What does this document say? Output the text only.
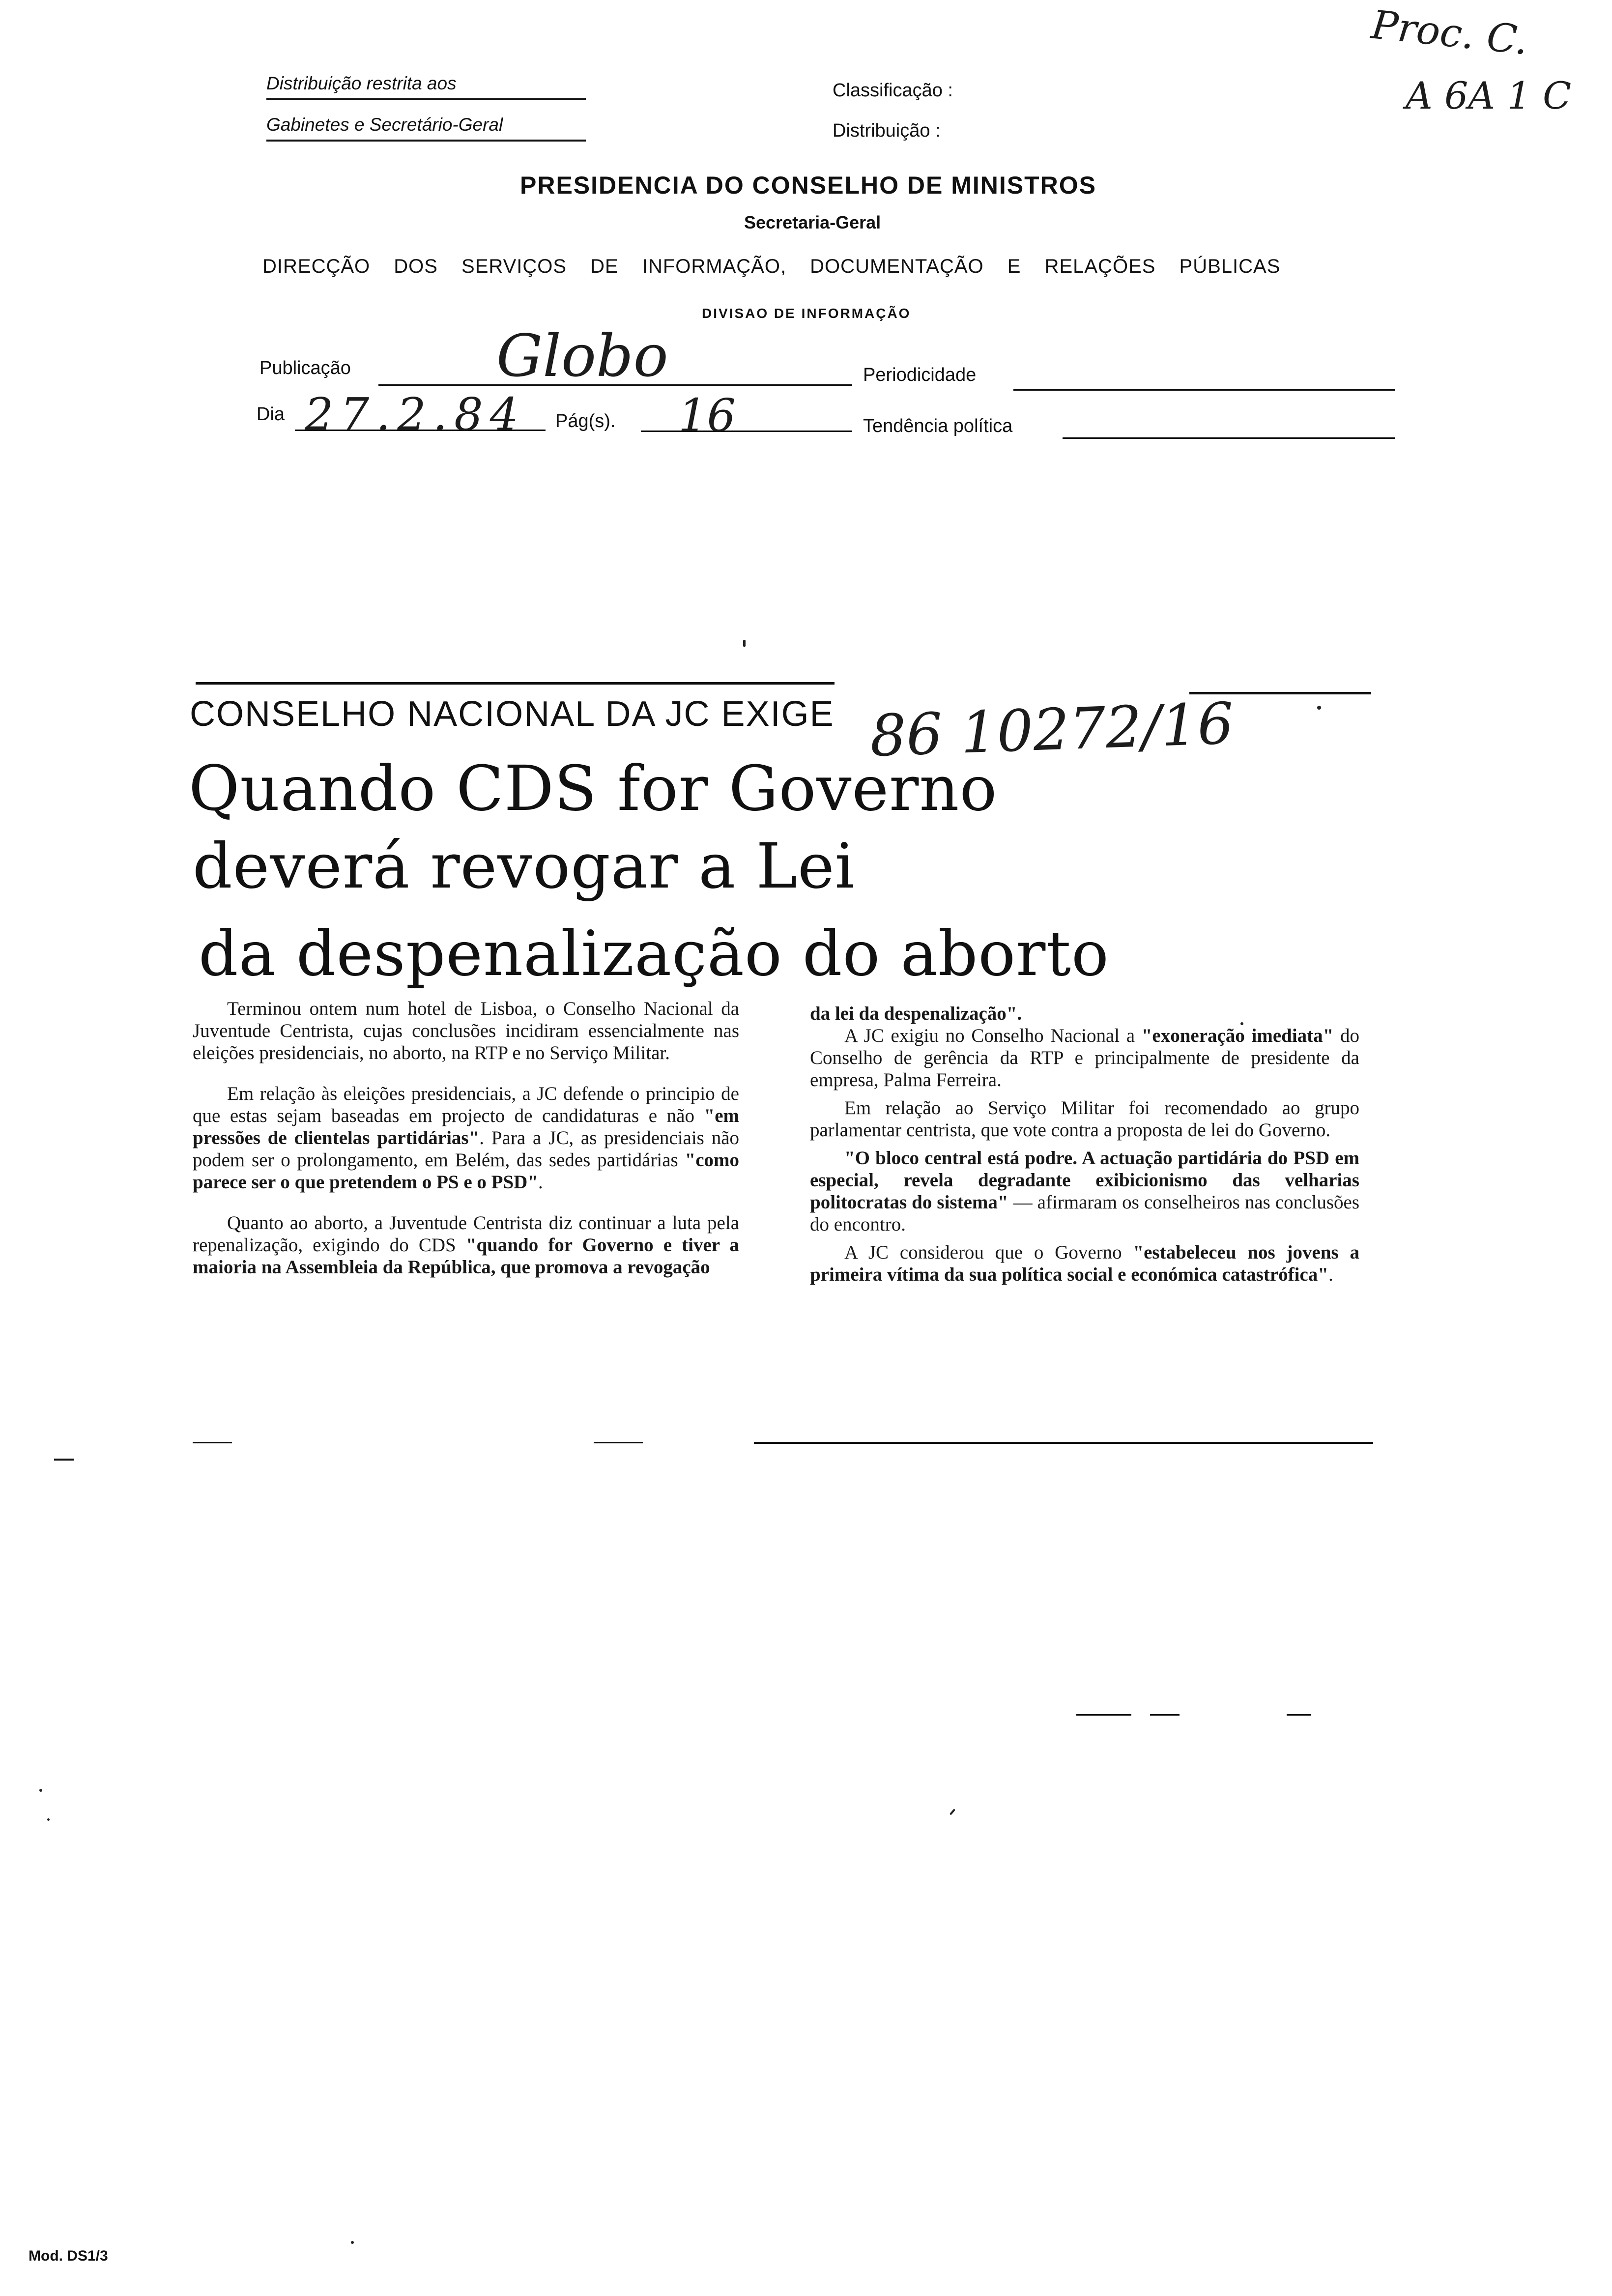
Distribuição restrita aos
Gabinetes e Secretário-Geral
Classificação :
Distribuição :
Proc. C.
A 6A 1 C
PRESIDENCIA DO CONSELHO DE MINISTROS
Secretaria-Geral
DIRECÇÃO DOS SERVIÇOS DE INFORMAÇÃO, DOCUMENTAÇÃO E RELAÇÕES PÚBLICAS
DIVISAO DE INFORMAÇÃO
Publicação	Globo	Periodicidade
Dia 27.2.84 Pág(s). 16	Tendência política
CONSELHO NACIONAL DA JC EXIGE 86 10272/16
Quando CDS for Governo
deverá revogar a Lei
da despenalização do aborto

Terminou ontem num hotel de Lisboa, o Conselho Nacional da Juventude Centrista, cujas conclusões incidiram essencialmente nas eleições presidenciais, no aborto, na RTP e no Serviço Militar.

Em relação às eleições presidenciais, a JC defende o principio de que estas sejam baseadas em projecto de candidaturas e não "em pressões de clientelas partidárias". Para a JC, as presidenciais não podem ser o prolongamento, em Belém, das sedes partidárias "como parece ser o que pretendem o PS e o PSD".

Quanto ao aborto, a Juventude Centrista diz continuar a luta pela repenalização, exigindo do CDS "quando for Governo e tiver a maioria na Assembleia da República, que promova a revogação

da lei da despenalização".

A JC exigiu no Conselho Nacional a "exoneração imediata" do Conselho de gerência da RTP e principalmente de presidente da empresa, Palma Ferreira.

Em relação ao Serviço Militar foi recomendado ao grupo parlamentar centrista, que vote contra a proposta de lei do Governo.

"O bloco central está podre. A actuação partidária do PSD em especial, revela degradante exibicionismo das velharias politocratas do sistema" — afirmaram os conselheiros nas conclusões do encontro.

A JC considerou que o Governo "estabeleceu nos jovens a primeira vítima da sua política social e económica catastrófica".

Mod. DS1/3
